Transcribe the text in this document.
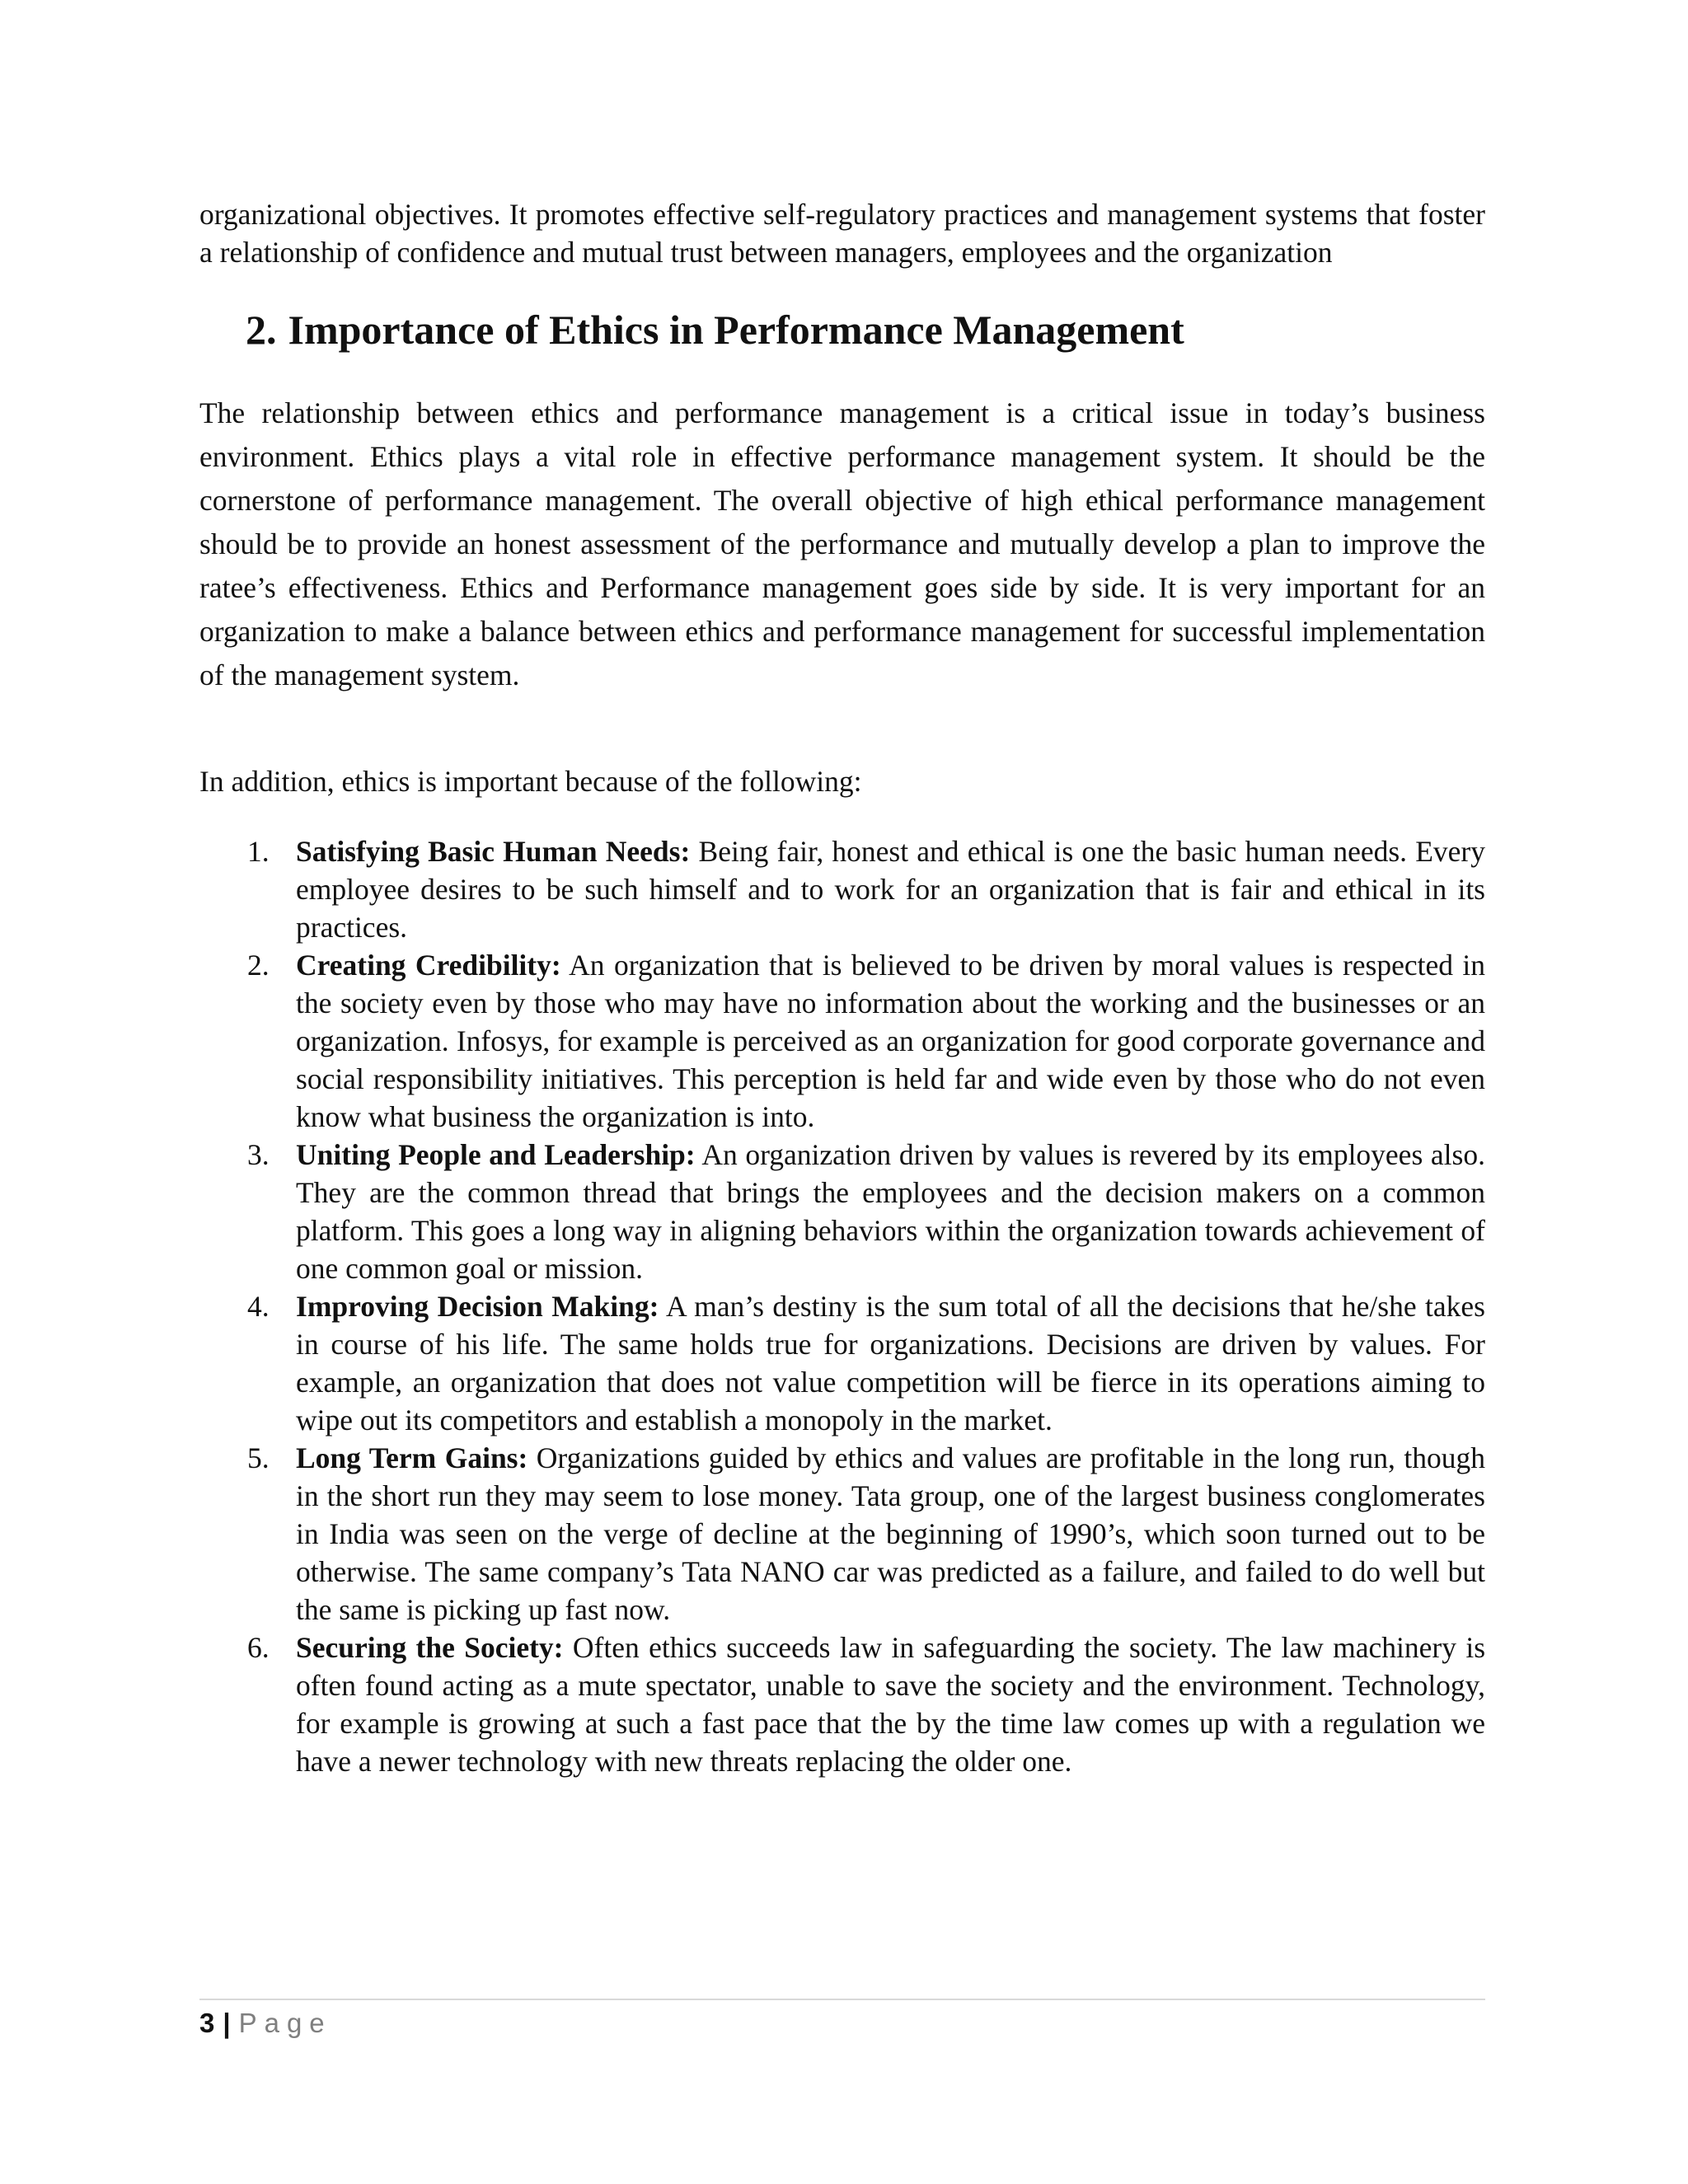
organizational objectives. It promotes effective self-regulatory practices and management systems that foster a relationship of confidence and mutual trust between managers, employees and the organization

2. Importance of Ethics in Performance Management

The relationship between ethics and performance management is a critical issue in today’s business environment. Ethics plays a vital role in effective performance management system. It should be the cornerstone of performance management. The overall objective of high ethical performance management should be to provide an honest assessment of the performance and mutually develop a plan to improve the ratee’s effectiveness. Ethics and Performance management goes side by side. It is very important for an organization to make a balance between ethics and performance management for successful implementation of the management system.

In addition, ethics is important because of the following:

1. Satisfying Basic Human Needs: Being fair, honest and ethical is one the basic human needs. Every employee desires to be such himself and to work for an organization that is fair and ethical in its practices.
2. Creating Credibility: An organization that is believed to be driven by moral values is respected in the society even by those who may have no information about the working and the businesses or an organization. Infosys, for example is perceived as an organization for good corporate governance and social responsibility initiatives. This perception is held far and wide even by those who do not even know what business the organization is into.
3. Uniting People and Leadership: An organization driven by values is revered by its employees also. They are the common thread that brings the employees and the decision makers on a common platform. This goes a long way in aligning behaviors within the organization towards achievement of one common goal or mission.
4. Improving Decision Making: A man’s destiny is the sum total of all the decisions that he/she takes in course of his life. The same holds true for organizations. Decisions are driven by values. For example, an organization that does not value competition will be fierce in its operations aiming to wipe out its competitors and establish a monopoly in the market.
5. Long Term Gains: Organizations guided by ethics and values are profitable in the long run, though in the short run they may seem to lose money. Tata group, one of the largest business conglomerates in India was seen on the verge of decline at the beginning of 1990’s, which soon turned out to be otherwise. The same company’s Tata NANO car was predicted as a failure, and failed to do well but the same is picking up fast now.
6. Securing the Society: Often ethics succeeds law in safeguarding the society. The law machinery is often found acting as a mute spectator, unable to save the society and the environment. Technology, for example is growing at such a fast pace that the by the time law comes up with a regulation we have a newer technology with new threats replacing the older one.
3 | Page
